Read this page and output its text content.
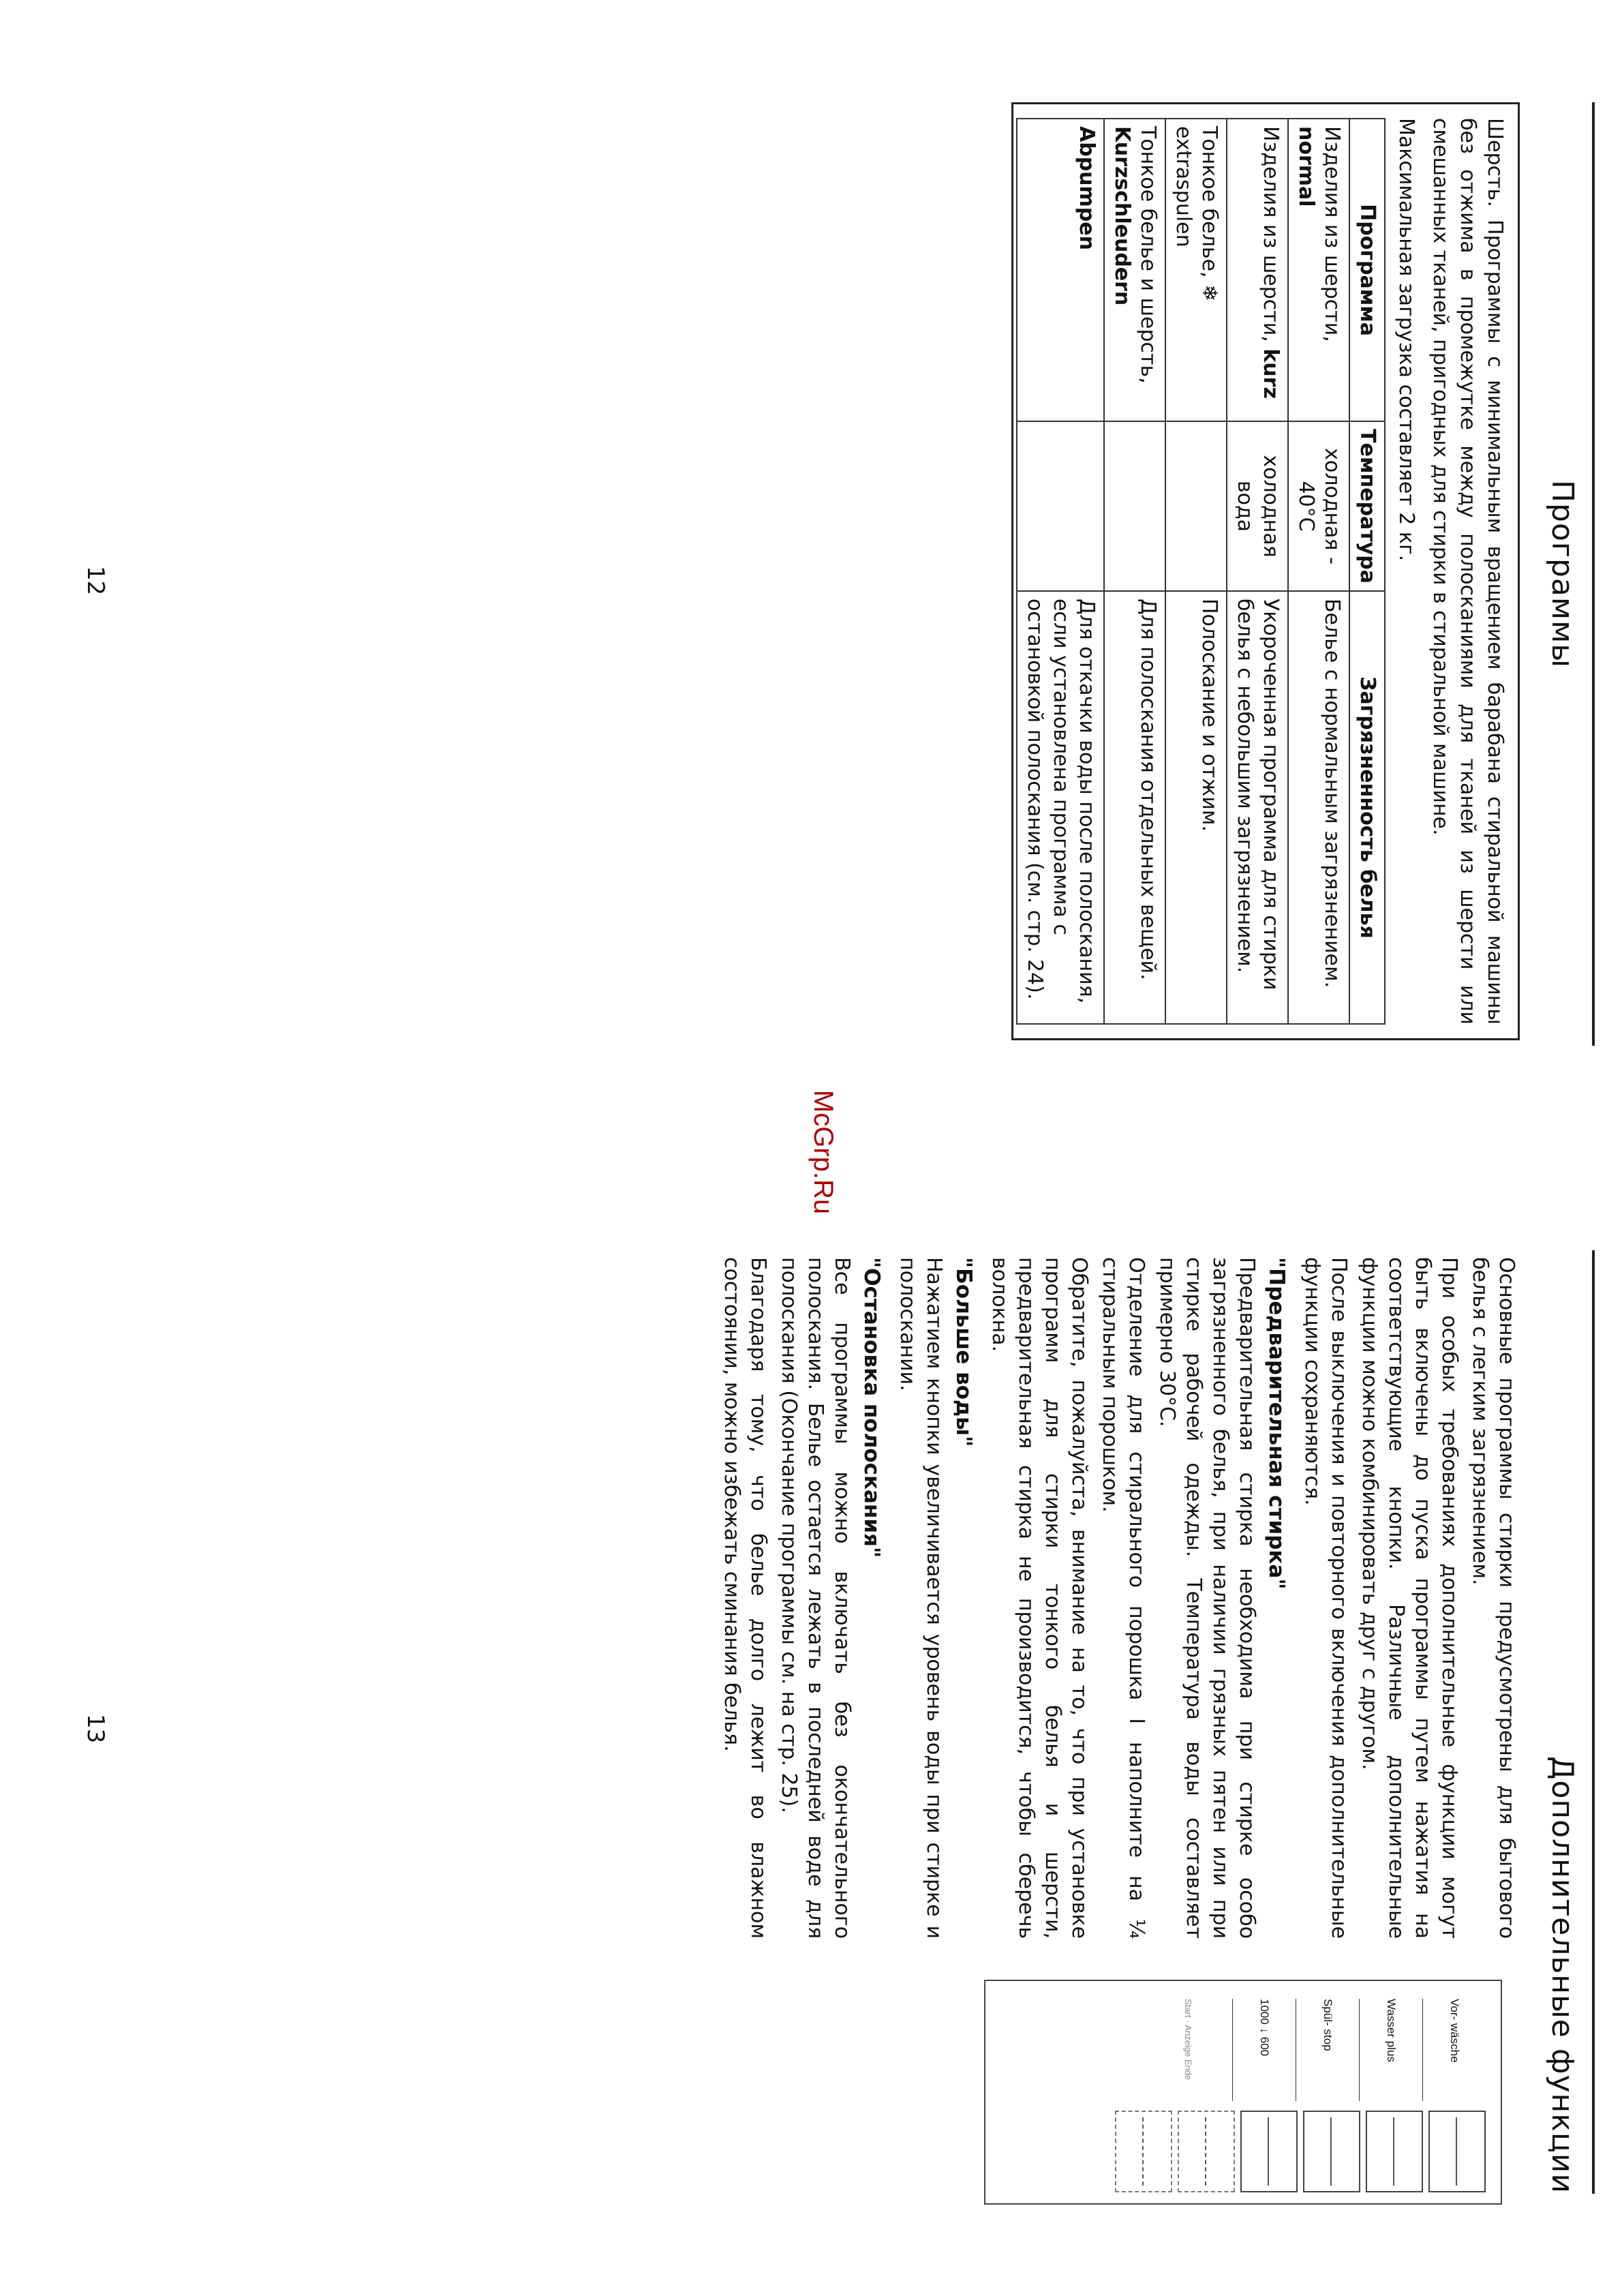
Программы

Шерсть. Программы с минимальным вращением барабана стиральной машины без отжима в промежутке между полосканиями для тканей из шерсти или смешанных тканей, пригодных для стирки в стиральной машине.

Максимальная загрузка составляет 2 кг.

Программа	Температура	Загрязненность белья
Изделия из шерсти, normal	холодная - 40°C	Белье с нормальным загрязнением.
Изделия из шерсти, kurz	холодная вода	Укороченная программа для стирки белья с небольшим загрязнением.
Тонкое белье, ❄ extraspulen		Полоскание и отжим.
Тонкое белье и шерсть, Kurzschleudern		Для полоскания отдельных вещей.
Abpumpen		Для откачки воды после полоскания, если установлена программа с остановкой полоскания (см. стр. 24).
12
McGrp.Ru
Дополнительные функции

Основные программы стирки предусмотрены для бытового белья с легким загрязнением.

При особых требованиях дополнительные функции могут быть включены до пуска программы путем нажатия на соответствующие кнопки. Различные дополнительные функции можно комбинировать друг с другом.

После выключения и повторного включения дополнительные функции сохраняются.

"Предварительная стирка"

Предварительная стирка необходима при стирке особо загрязненного белья, при наличии грязных пятен или при стирке рабочей одежды. Температура воды составляет примерно 30°C.

Отделение для стирального порошка I наполните на ¼ стиральным порошком.

Обратите, пожалуйста, внимание на то, что при установке программ для стирки тонкого белья и шерсти, предварительная стирка не производится, чтобы сберечь волокна.

"Больше воды"

Нажатием кнопки увеличивается уровень воды при стирке и полоскании.

"Остановка полоскания"

Все программы можно включать без окончательного полоскания. Белье остается лежать в последней воде для полоскания (Окончание программы см. на стр. 25).

Благодаря тому, что белье долго лежит во влажном состоянии, можно избежать сминания белья.

Vor- wäsche
Wasser plus
Spül- stop
1000 ↓ 600
Start · Anzeige Ende
13
